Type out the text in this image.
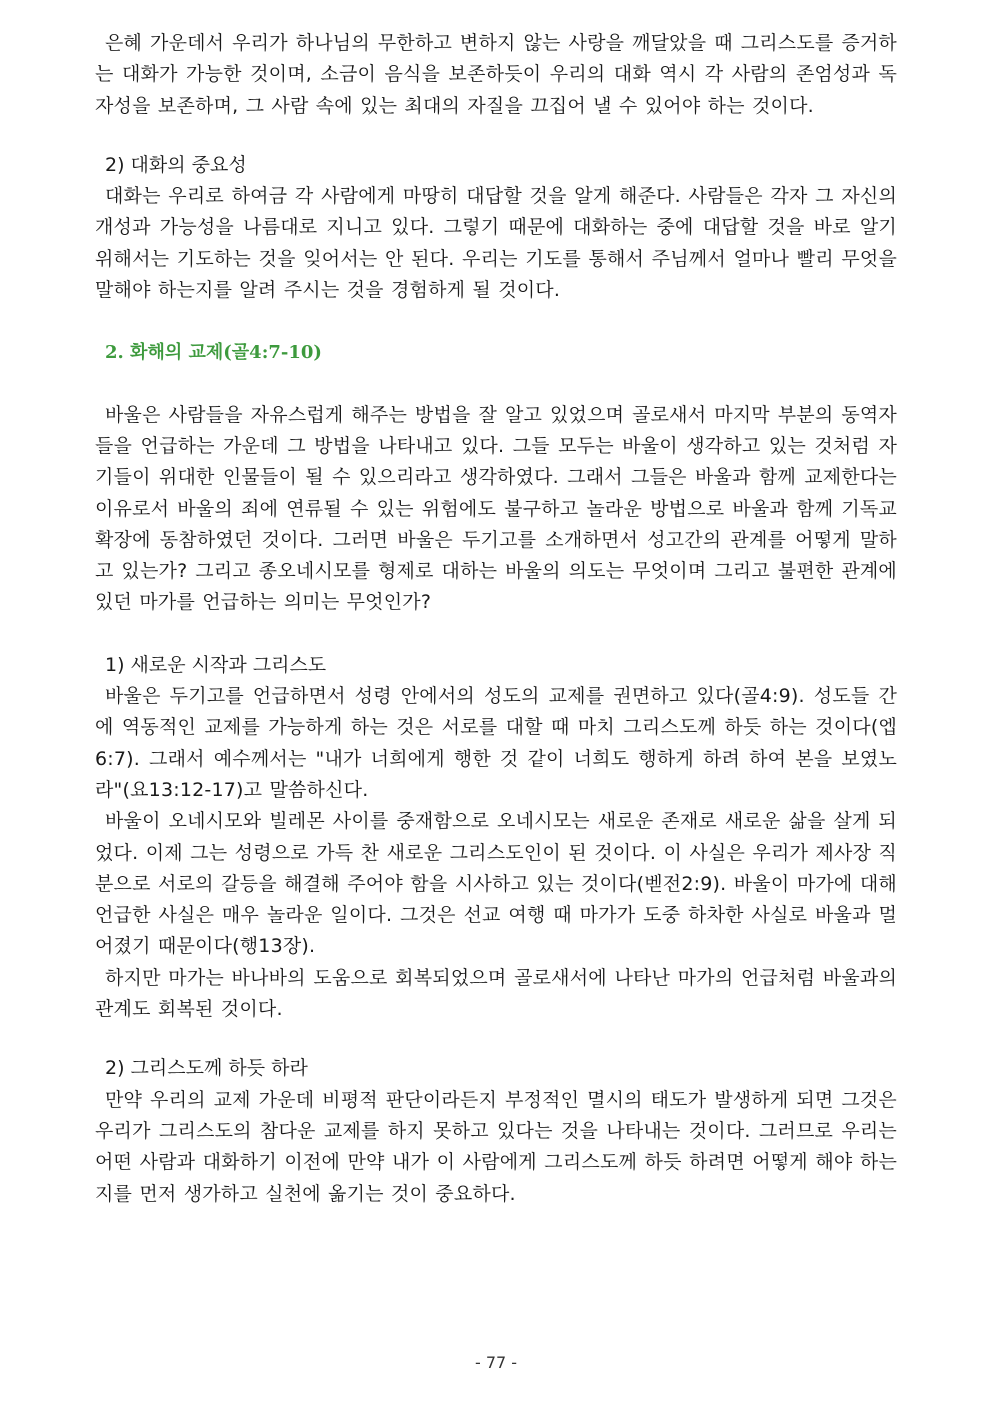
은혜 가운데서 우리가 하나님의 무한하고 변하지 않는 사랑을 깨달았을 때 그리스도를 증거하는 대화가 가능한 것이며, 소금이 음식을 보존하듯이 우리의 대화 역시 각 사람의 존엄성과 독자성을 보존하며, 그 사람 속에 있는 최대의 자질을 끄집어 낼 수 있어야 하는 것이다.

2) 대화의 중요성

대화는 우리로 하여금 각 사람에게 마땅히 대답할 것을 알게 해준다. 사람들은 각자 그 자신의 개성과 가능성을 나름대로 지니고 있다. 그렇기 때문에 대화하는 중에 대답할 것을 바로 알기 위해서는 기도하는 것을 잊어서는 안 된다. 우리는 기도를 통해서 주님께서 얼마나 빨리 무엇을 말해야 하는지를 알려 주시는 것을 경험하게 될 것이다.

2. 화해의 교제(골4:7-10)

바울은 사람들을 자유스럽게 해주는 방법을 잘 알고 있었으며 골로새서 마지막 부분의 동역자들을 언급하는 가운데 그 방법을 나타내고 있다. 그들 모두는 바울이 생각하고 있는 것처럼 자기들이 위대한 인물들이 될 수 있으리라고 생각하였다. 그래서 그들은 바울과 함께 교제한다는 이유로서 바울의 죄에 연류될 수 있는 위험에도 불구하고 놀라운 방법으로 바울과 함께 기독교 확장에 동참하였던 것이다. 그러면 바울은 두기고를 소개하면서 성고간의 관계를 어떻게 말하고 있는가? 그리고 종오네시모를 형제로 대하는 바울의 의도는 무엇이며 그리고 불편한 관계에 있던 마가를 언급하는 의미는 무엇인가?

1) 새로운 시작과 그리스도

바울은 두기고를 언급하면서 성령 안에서의 성도의 교제를 권면하고 있다(골4:9). 성도들 간에 역동적인 교제를 가능하게 하는 것은 서로를 대할 때 마치 그리스도께 하듯 하는 것이다(엡6:7). 그래서 예수께서는 "내가 너희에게 행한 것 같이 너희도 행하게 하려 하여 본을 보였노라"(요13:12-17)고 말씀하신다.

바울이 오네시모와 빌레몬 사이를 중재함으로 오네시모는 새로운 존재로 새로운 삶을 살게 되었다. 이제 그는 성령으로 가득 찬 새로운 그리스도인이 된 것이다. 이 사실은 우리가 제사장 직분으로 서로의 갈등을 해결해 주어야 함을 시사하고 있는 것이다(벧전2:9). 바울이 마가에 대해 언급한 사실은 매우 놀라운 일이다. 그것은 선교 여행 때 마가가 도중 하차한 사실로 바울과 멀어졌기 때문이다(행13장).

하지만 마가는 바나바의 도움으로 회복되었으며 골로새서에 나타난 마가의 언급처럼 바울과의 관계도 회복된 것이다.

2) 그리스도께 하듯 하라

만약 우리의 교제 가운데 비평적 판단이라든지 부정적인 멸시의 태도가 발생하게 되면 그것은 우리가 그리스도의 참다운 교제를 하지 못하고 있다는 것을 나타내는 것이다. 그러므로 우리는 어떤 사람과 대화하기 이전에 만약 내가 이 사람에게 그리스도께 하듯 하려면 어떻게 해야 하는지를 먼저 생가하고 실천에 옮기는 것이 중요하다.

- 77 -
